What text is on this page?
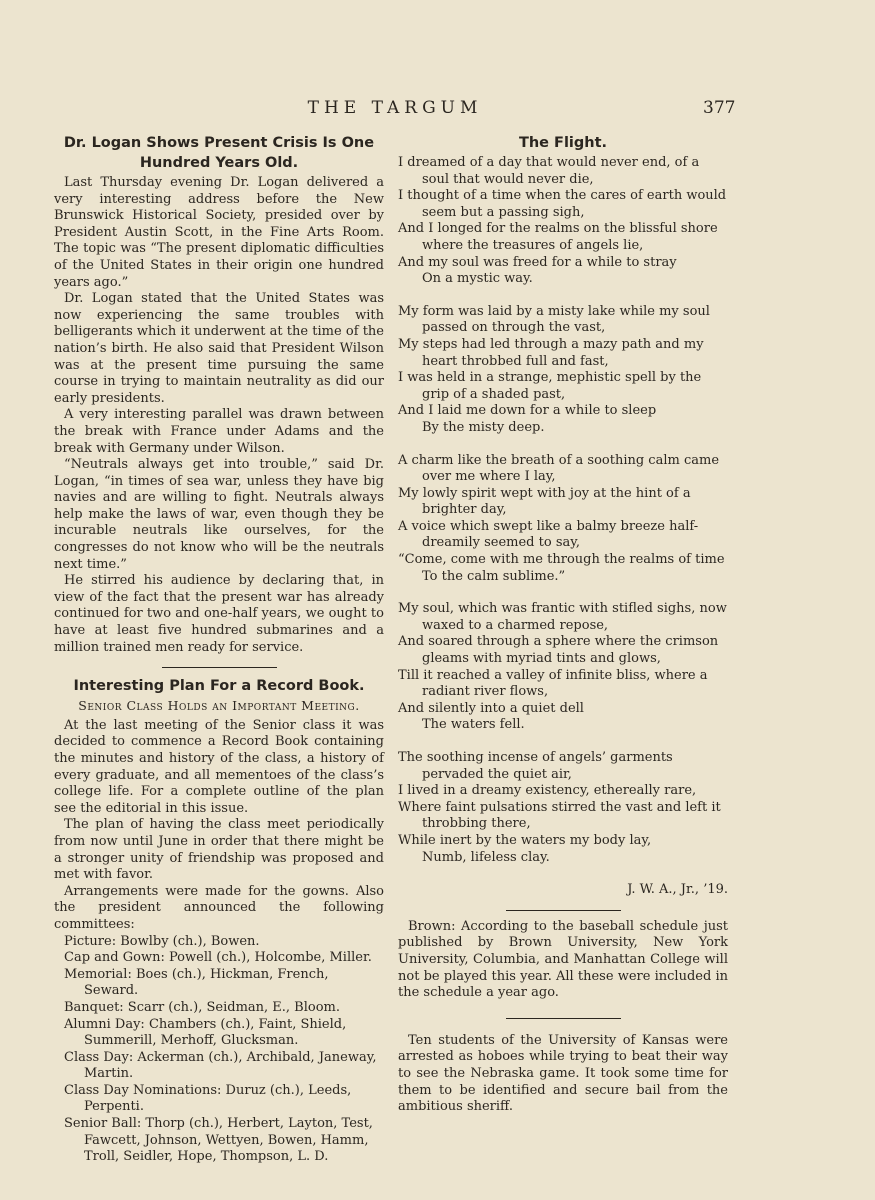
THE TARGUM	377
Dr. Logan Shows Present Crisis Is One Hundred Years Old.

Last Thursday evening Dr. Logan delivered a very interesting address before the New Brunswick Historical Society, presided over by President Austin Scott, in the Fine Arts Room. The topic was “The present diplomatic difficulties of the United States in their origin one hundred years ago.”

Dr. Logan stated that the United States was now experiencing the same troubles with belligerants which it underwent at the time of the nation’s birth. He also said that President Wilson was at the present time pursuing the same course in trying to maintain neutrality as did our early presidents.

A very interesting parallel was drawn between the break with France under Adams and the break with Germany under Wilson.

“Neutrals always get into trouble,” said Dr. Logan, “in times of sea war, unless they have big navies and are willing to fight. Neutrals always help make the laws of war, even though they be incurable neutrals like ourselves, for the congresses do not know who will be the neutrals next time.”

He stirred his audience by declaring that, in view of the fact that the present war has already continued for two and one-half years, we ought to have at least five hundred submarines and a million trained men ready for service.

Interesting Plan For a Record Book.
Senior Class Holds an Important Meeting.

At the last meeting of the Senior class it was decided to commence a Record Book containing the minutes and history of the class, a history of every graduate, and all mementoes of the class’s college life. For a complete outline of the plan see the editorial in this issue.

The plan of having the class meet periodically from now until June in order that there might be a stronger unity of friendship was proposed and met with favor.

Arrangements were made for the gowns. Also the president announced the following committees:

Picture: Bowlby (ch.), Bowen.

Cap and Gown: Powell (ch.), Holcombe, Miller.

Memorial: Boes (ch.), Hickman, French, Seward.

Banquet: Scarr (ch.), Seidman, E., Bloom.

Alumni Day: Chambers (ch.), Faint, Shield, Summerill, Merhoff, Glucksman.

Class Day: Ackerman (ch.), Archibald, Janeway, Martin.

Class Day Nominations: Duruz (ch.), Leeds, Perpenti.

Senior Ball: Thorp (ch.), Herbert, Layton, Test, Fawcett, Johnson, Wettyen, Bowen, Hamm, Troll, Seidler, Hope, Thompson, L. D.

The Flight.

I dreamed of a day that would never end, of a soul that would never die,

I thought of a time when the cares of earth would seem but a passing sigh,

And I longed for the realms on the blissful shore where the treasures of angels lie,

And my soul was freed for a while to stray

On a mystic way.

My form was laid by a misty lake while my soul passed on through the vast,

My steps had led through a mazy path and my heart throbbed full and fast,

I was held in a strange, mephistic spell by the grip of a shaded past,

And I laid me down for a while to sleep

By the misty deep.

A charm like the breath of a soothing calm came over me where I lay,

My lowly spirit wept with joy at the hint of a brighter day,

A voice which swept like a balmy breeze half-dreamily seemed to say,

“Come, come with me through the realms of time

To the calm sublime.”

My soul, which was frantic with stifled sighs, now waxed to a charmed repose,

And soared through a sphere where the crimson gleams with myriad tints and glows,

Till it reached a valley of infinite bliss, where a radiant river flows,

And silently into a quiet dell

The waters fell.

The soothing incense of angels’ garments pervaded the quiet air,

I lived in a dreamy existency, ethereally rare,

Where faint pulsations stirred the vast and left it throbbing there,

While inert by the waters my body lay,

Numb, lifeless clay.

J. W. A., Jr., ’19.

Brown: According to the baseball schedule just published by Brown University, New York University, Columbia, and Manhattan College will not be played this year. All these were included in the schedule a year ago.

Ten students of the University of Kansas were arrested as hoboes while trying to beat their way to see the Nebraska game. It took some time for them to be identified and secure bail from the ambitious sheriff.
